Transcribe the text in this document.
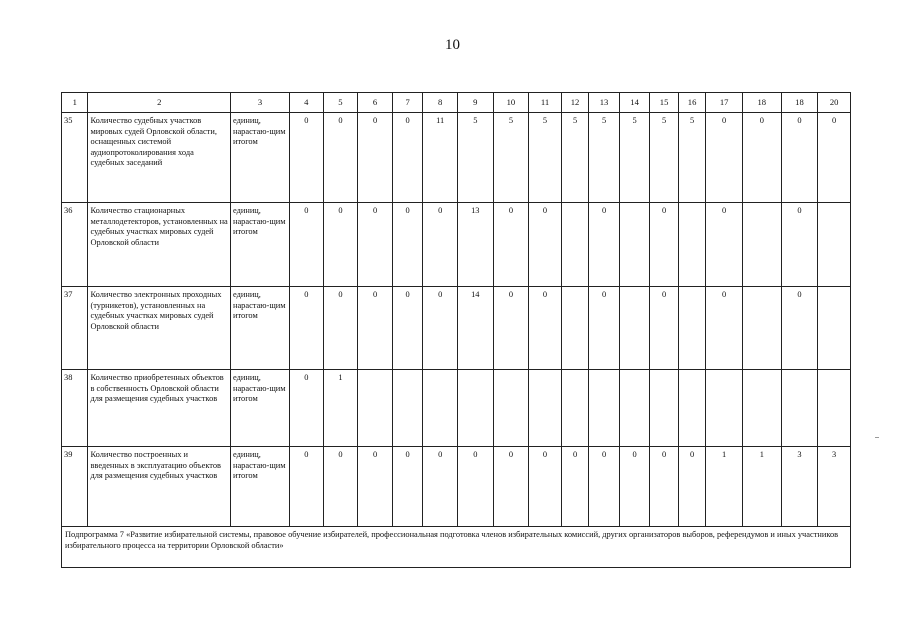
10
1	2	3	4	5	6	7	8	9	10	11	12	13	14	15	16	17	18	18	20
35	Количество судебных участков мировых судей Орловской области, оснащенных системой аудиопротоколирования хода судебных заседаний	единиц, нарастаю-щим итогом	0	0	0	0	11	5	5	5	5	5	5	5	5	0	0	0	0
36	Количество стационарных металлодетекторов, установленных на судебных участках мировых судей Орловской области	единиц, нарастаю-щим итогом	0	0	0	0	0	13	0	0		0		0		0		0	
37	Количество электронных проходных (турникетов), установленных на судебных участках мировых судей Орловской области	единиц, нарастаю-щим итогом	0	0	0	0	0	14	0	0		0		0		0		0	
38	Количество приобретенных объектов в собственность Орловской области для размещения судебных участков	единиц, нарастаю-щим итогом	0	1															
39	Количество построенных и введенных в эксплуатацию объектов для размещения судебных участков	единиц, нарастаю-щим итогом	0	0	0	0	0	0	0	0	0	0	0	0	0	1	1	3	3
Подпрограмма 7 «Развитие избирательной системы, правовое обучение избирателей, профессиональная подготовка членов избирательных комиссий, других организаторов выборов, референдумов и иных участников избирательного процесса на территории Орловской области»																			
